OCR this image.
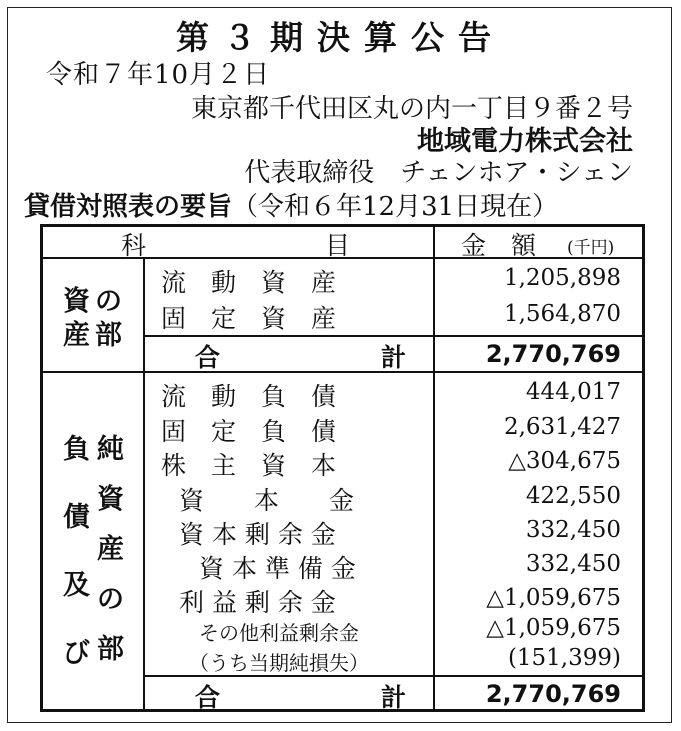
第３期決算公告
令和７年10月２日
東京都千代田区丸の内一丁目９番２号
地域電力株式会社
代表取締役　チェンホア・シェン
貸借対照表の要旨（令和６年12月31日現在）
科	目	金　額 (千円)
資 の
産 部
流　動　資　産	1,205,898
固　定　資　産	1,564,870
合	計	2,770,769
負
債
及
び
純
資
産
の
部
流　動　負　債	444,017
固　定　負　債	2,631,427
株　主　資　本	△304,675
資　　本　　金	422,550
資 本 剰 余 金	332,450
資 本 準 備 金	332,450
利 益 剰 余 金	△1,059,675
その他利益剰余金	△1,059,675
（うち当期純損失）	(151,399)
合	計	2,770,769
